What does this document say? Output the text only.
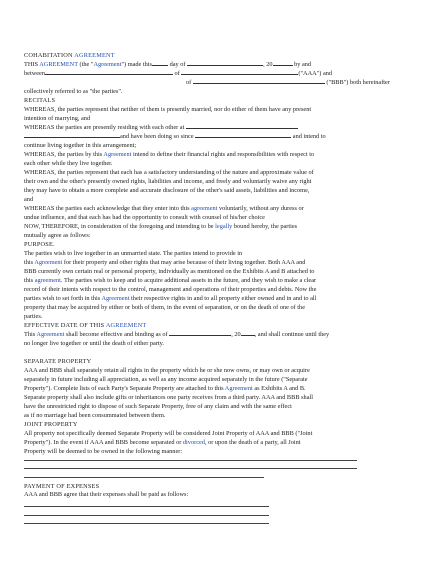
COHABITATION AGREEMENT
THIS AGREEMENT (the "Agreement") made this	day of	, 20	by and
between	of	("AAA") and
of	("BBB") both hereinafter
collectively referred to as "the parties".
RECITALS
WHEREAS, the parties represent that neither of them is presently married, nor do either of them have any present
intention of marrying, and
WHEREAS the parties are presently residing with each other at
and have been doing so since	and intend to
continue living together in this arrangement;
WHEREAS, the parties by this Agreement intend to define their financial rights and responsibilities with respect to
each other while they live together.
WHEREAS, the parties represent that each has a satisfactory understanding of the nature and approximate value of
their own and the other's presently owned rights, liabilities and income, and freely and voluntarily waive any right
they may have to obtain a more complete and accurate disclosure of the other's said assets, liabilities and income,
and
WHEREAS the parties each acknowledge that they enter into this agreement voluntarily, without any duress or
undue influence, and that each has had the opportunity to consult with counsel of his/her choice
NOW, THEREFORE, in consideration of the foregoing and intending to be legally bound hereby, the parties
mutually agree as follows:
PURPOSE.
The parties wish to live together in an unmarried state. The parties intend to provide in
this Agreement for their property and other rights that may arise because of their living together. Both AAA and
BBB currently own certain real or personal property, individually as mentioned on the Exhibits A and B attached to
this agreement. The parties wish to keep and to acquire additional assets in the future, and they wish to make a clear
record of their intents with respect to the control, management and operations of their properties and debts. Now the
parties wish to set forth in this Agreement their respective rights in and to all property either owned and in and to all
property that may be acquired by either or both of them, in the event of separation, or on the death of one of the
parties.
EFFECTIVE DATE OF THIS AGREEMENT
This Agreement shall become effective and binding as of	, 20 , and shall continue until they
no longer live together or until the death of either party.
SEPARATE PROPERTY
AAA and BBB shall separately retain all rights in the property which he or she now owns, or may own or acquire
separately in future including all appreciation, as well as any income acquired separately in the future ("Separate
Property"). Complete lists of each Party's Separate Property are attached to this Agreement as Exhibits A and B.
Separate property shall also include gifts or inheritances one party receives from a third party. AAA and BBB shall
have the unrestricted right to dispose of such Separate Property, free of any claim and with the same effect
as if no marriage had been consummated between them.
JOINT PROPERTY
All property not specifically deemed Separate Property will be considered Joint Property of AAA and BBB ("Joint
Property"). In the event if AAA and BBB become separated or divorced, or upon the death of a party, all Joint
Property will be deemed to be owned in the following manner:
PAYMENT OF EXPENSES
AAA and BBB agree that their expenses shall be paid as follows:
